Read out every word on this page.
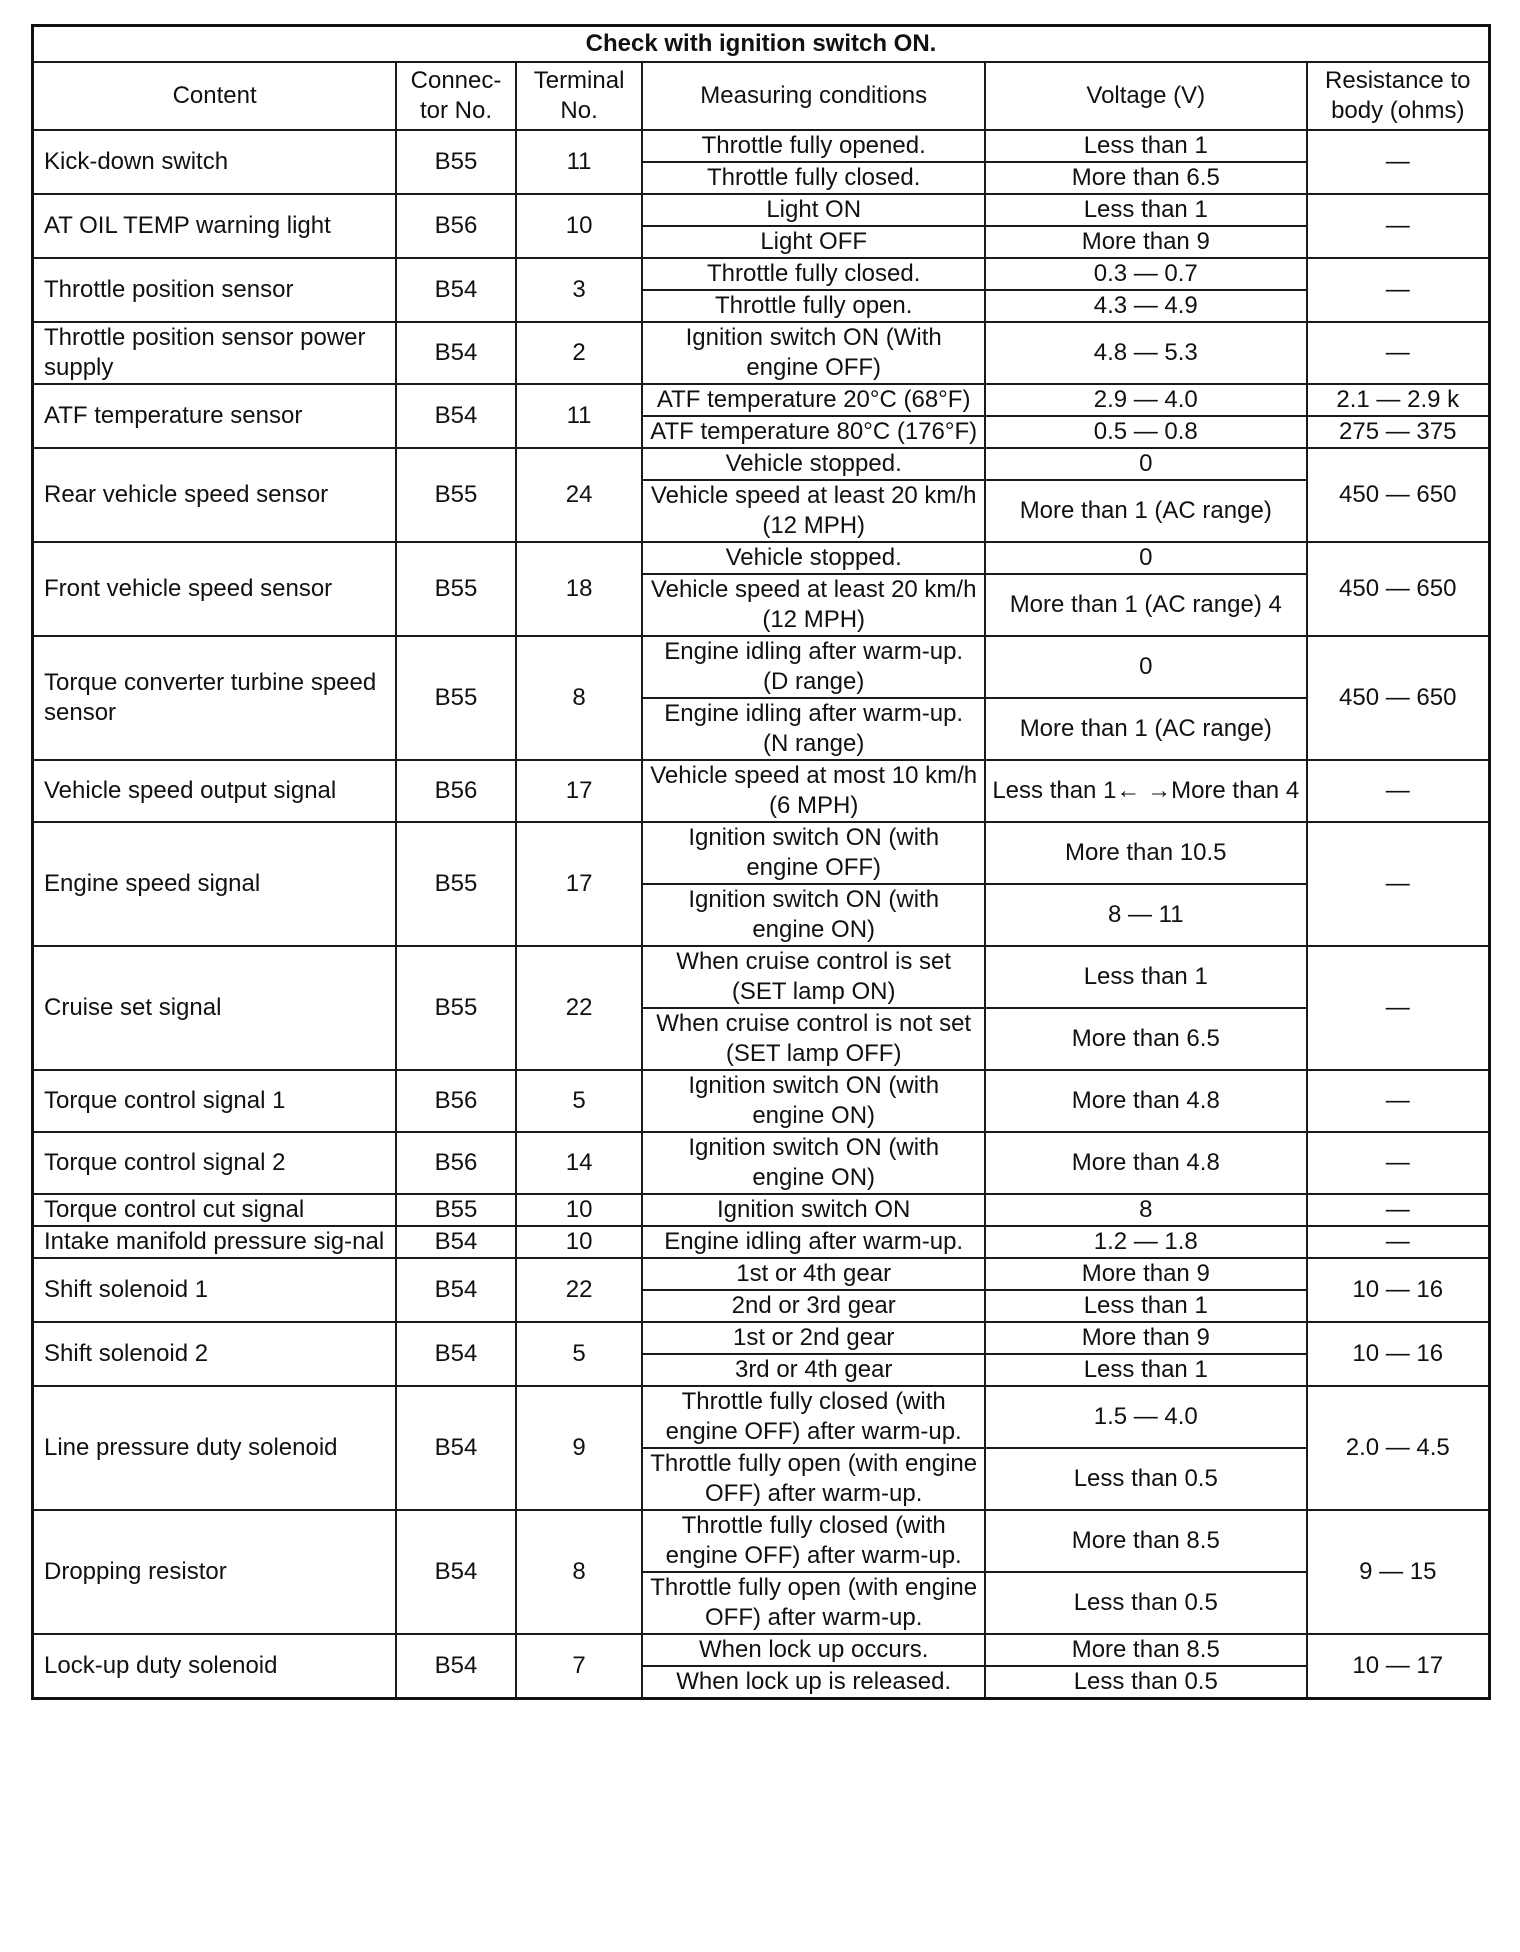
Check with ignition switch ON.					
Content	Connec-tor No.	Terminal No.	Measuring conditions	Voltage (V)	Resistance to body (ohms)
Kick-down switch	B55	11	Throttle fully opened.	Less than 1	—
			Throttle fully closed.	More than 6.5	
AT OIL TEMP warning light	B56	10	Light ON	Less than 1	—
			Light OFF	More than 9	
Throttle position sensor	B54	3	Throttle fully closed.	0.3 — 0.7	—
			Throttle fully open.	4.3 — 4.9	
Throttle position sensor power supply	B54	2	Ignition switch ON (With engine OFF)	4.8 — 5.3	—
ATF temperature sensor	B54	11	ATF temperature 20°C (68°F)	2.9 — 4.0	2.1 — 2.9 k
			ATF temperature 80°C (176°F)	0.5 — 0.8	275 — 375
Rear vehicle speed sensor	B55	24	Vehicle stopped.	0	450 — 650
			Vehicle speed at least 20 km/h (12 MPH)	More than 1 (AC range)	
Front vehicle speed sensor	B55	18	Vehicle stopped.	0	450 — 650
			Vehicle speed at least 20 km/h (12 MPH)	More than 1 (AC range) 4	
Torque converter turbine speed sensor	B55	8	Engine idling after warm-up. (D range)	0	450 — 650
			Engine idling after warm-up. (N range)	More than 1 (AC range)	
Vehicle speed output signal	B56	17	Vehicle speed at most 10 km/h (6 MPH)	Less than 1← →More than 4	—
Engine speed signal	B55	17	Ignition switch ON (with engine OFF)	More than 10.5	—
			Ignition switch ON (with engine ON)	8 — 11	
Cruise set signal	B55	22	When cruise control is set (SET lamp ON)	Less than 1	—
			When cruise control is not set (SET lamp OFF)	More than 6.5	
Torque control signal 1	B56	5	Ignition switch ON (with engine ON)	More than 4.8	—
Torque control signal 2	B56	14	Ignition switch ON (with engine ON)	More than 4.8	—
Torque control cut signal	B55	10	Ignition switch ON	8	—
Intake manifold pressure sig-nal	B54	10	Engine idling after warm-up.	1.2 — 1.8	—
Shift solenoid 1	B54	22	1st or 4th gear	More than 9	10 — 16
			2nd or 3rd gear	Less than 1	
Shift solenoid 2	B54	5	1st or 2nd gear	More than 9	10 — 16
			3rd or 4th gear	Less than 1	
Line pressure duty solenoid	B54	9	Throttle fully closed (with engine OFF) after warm-up.	1.5 — 4.0	2.0 — 4.5
			Throttle fully open (with engine OFF) after warm-up.	Less than 0.5	
Dropping resistor	B54	8	Throttle fully closed (with engine OFF) after warm-up.	More than 8.5	9 — 15
			Throttle fully open (with engine OFF) after warm-up.	Less than 0.5	
Lock-up duty solenoid	B54	7	When lock up occurs.	More than 8.5	10 — 17
			When lock up is released.	Less than 0.5	
